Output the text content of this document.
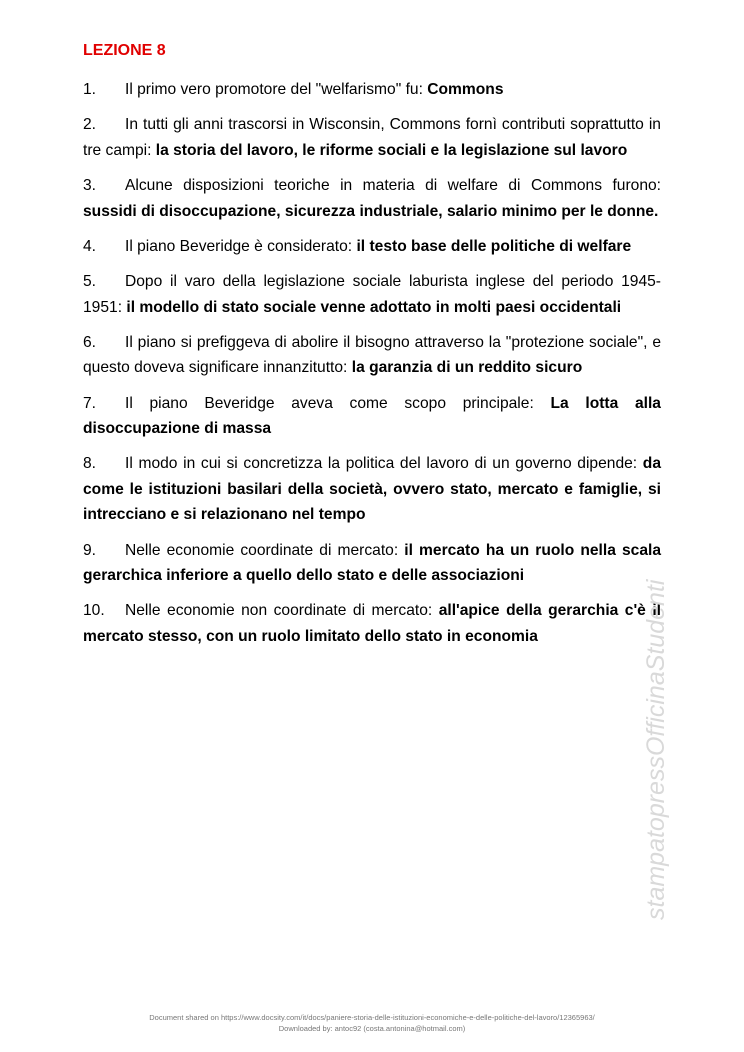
LEZIONE 8
1. Il primo vero promotore del "welfarismo" fu: Commons
2. In tutti gli anni trascorsi in Wisconsin, Commons fornì contributi soprattutto in tre campi: la storia del lavoro, le riforme sociali e la legislazione sul lavoro
3. Alcune disposizioni teoriche in materia di welfare di Commons furono: sussidi di disoccupazione, sicurezza industriale, salario minimo per le donne.
4. Il piano Beveridge è considerato: il testo base delle politiche di welfare
5. Dopo il varo della legislazione sociale laburista inglese del periodo 1945-1951: il modello di stato sociale venne adottato in molti paesi occidentali
6. Il piano si prefiggeva di abolire il bisogno attraverso la "protezione sociale", e questo doveva significare innanzitutto: la garanzia di un reddito sicuro
7. Il piano Beveridge aveva come scopo principale: La lotta alla disoccupazione di massa
8. Il modo in cui si concretizza la politica del lavoro di un governo dipende: da come le istituzioni basilari della società, ovvero stato, mercato e famiglie, si intrecciano e si relazionano nel tempo
9. Nelle economie coordinate di mercato: il mercato ha un ruolo nella scala gerarchica inferiore a quello dello stato e delle associazioni
10. Nelle economie non coordinate di mercato: all'apice della gerarchia c'è il mercato stesso, con un ruolo limitato dello stato in economia	stampatopressOfficinaStudenti
Document shared on https://www.docsity.com/it/docs/paniere-storia-delle-istituzioni-economiche-e-delle-politiche-del-lavoro/12365963/
Downloaded by: antoc92 (costa.antonina@hotmail.com)
